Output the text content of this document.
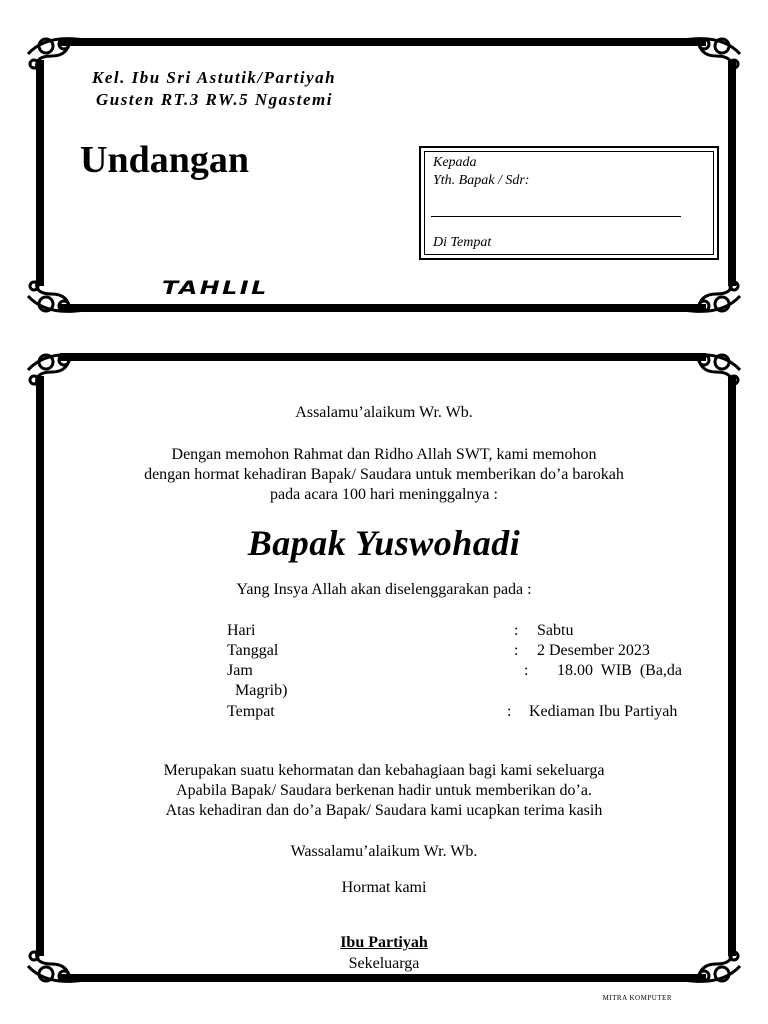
Kel. Ibu Sri Astutik/Partiyah
Gusten RT.3 RW.5 Ngastemi
Undangan
TAHLIL
Kepada
Yth. Bapak / Sdr:
Di Tempat
Assalamu’alaikum Wr. Wb.
Dengan memohon Rahmat dan Ridho Allah SWT, kami memohon
dengan hormat kehadiran Bapak/ Saudara untuk memberikan do’a barokah
pada acara 100 hari meninggalnya :
Bapak Yuswohadi
Yang Insya Allah akan diselenggarakan pada :
Hari	: Sabtu
Tanggal	: 2 Desember 2023
Jam	: 18.00  WIB  (Ba,da
Magrib)
Tempat	: Kediaman Ibu Partiyah
Merupakan suatu kehormatan dan kebahagiaan bagi kami sekeluarga
Apabila Bapak/ Saudara berkenan hadir untuk memberikan do’a.
Atas kehadiran dan do’a Bapak/ Saudara kami ucapkan terima kasih
Wassalamu’alaikum Wr. Wb.
Hormat kami
Ibu Partiyah
Sekeluarga
MITRA KOMPUTER
